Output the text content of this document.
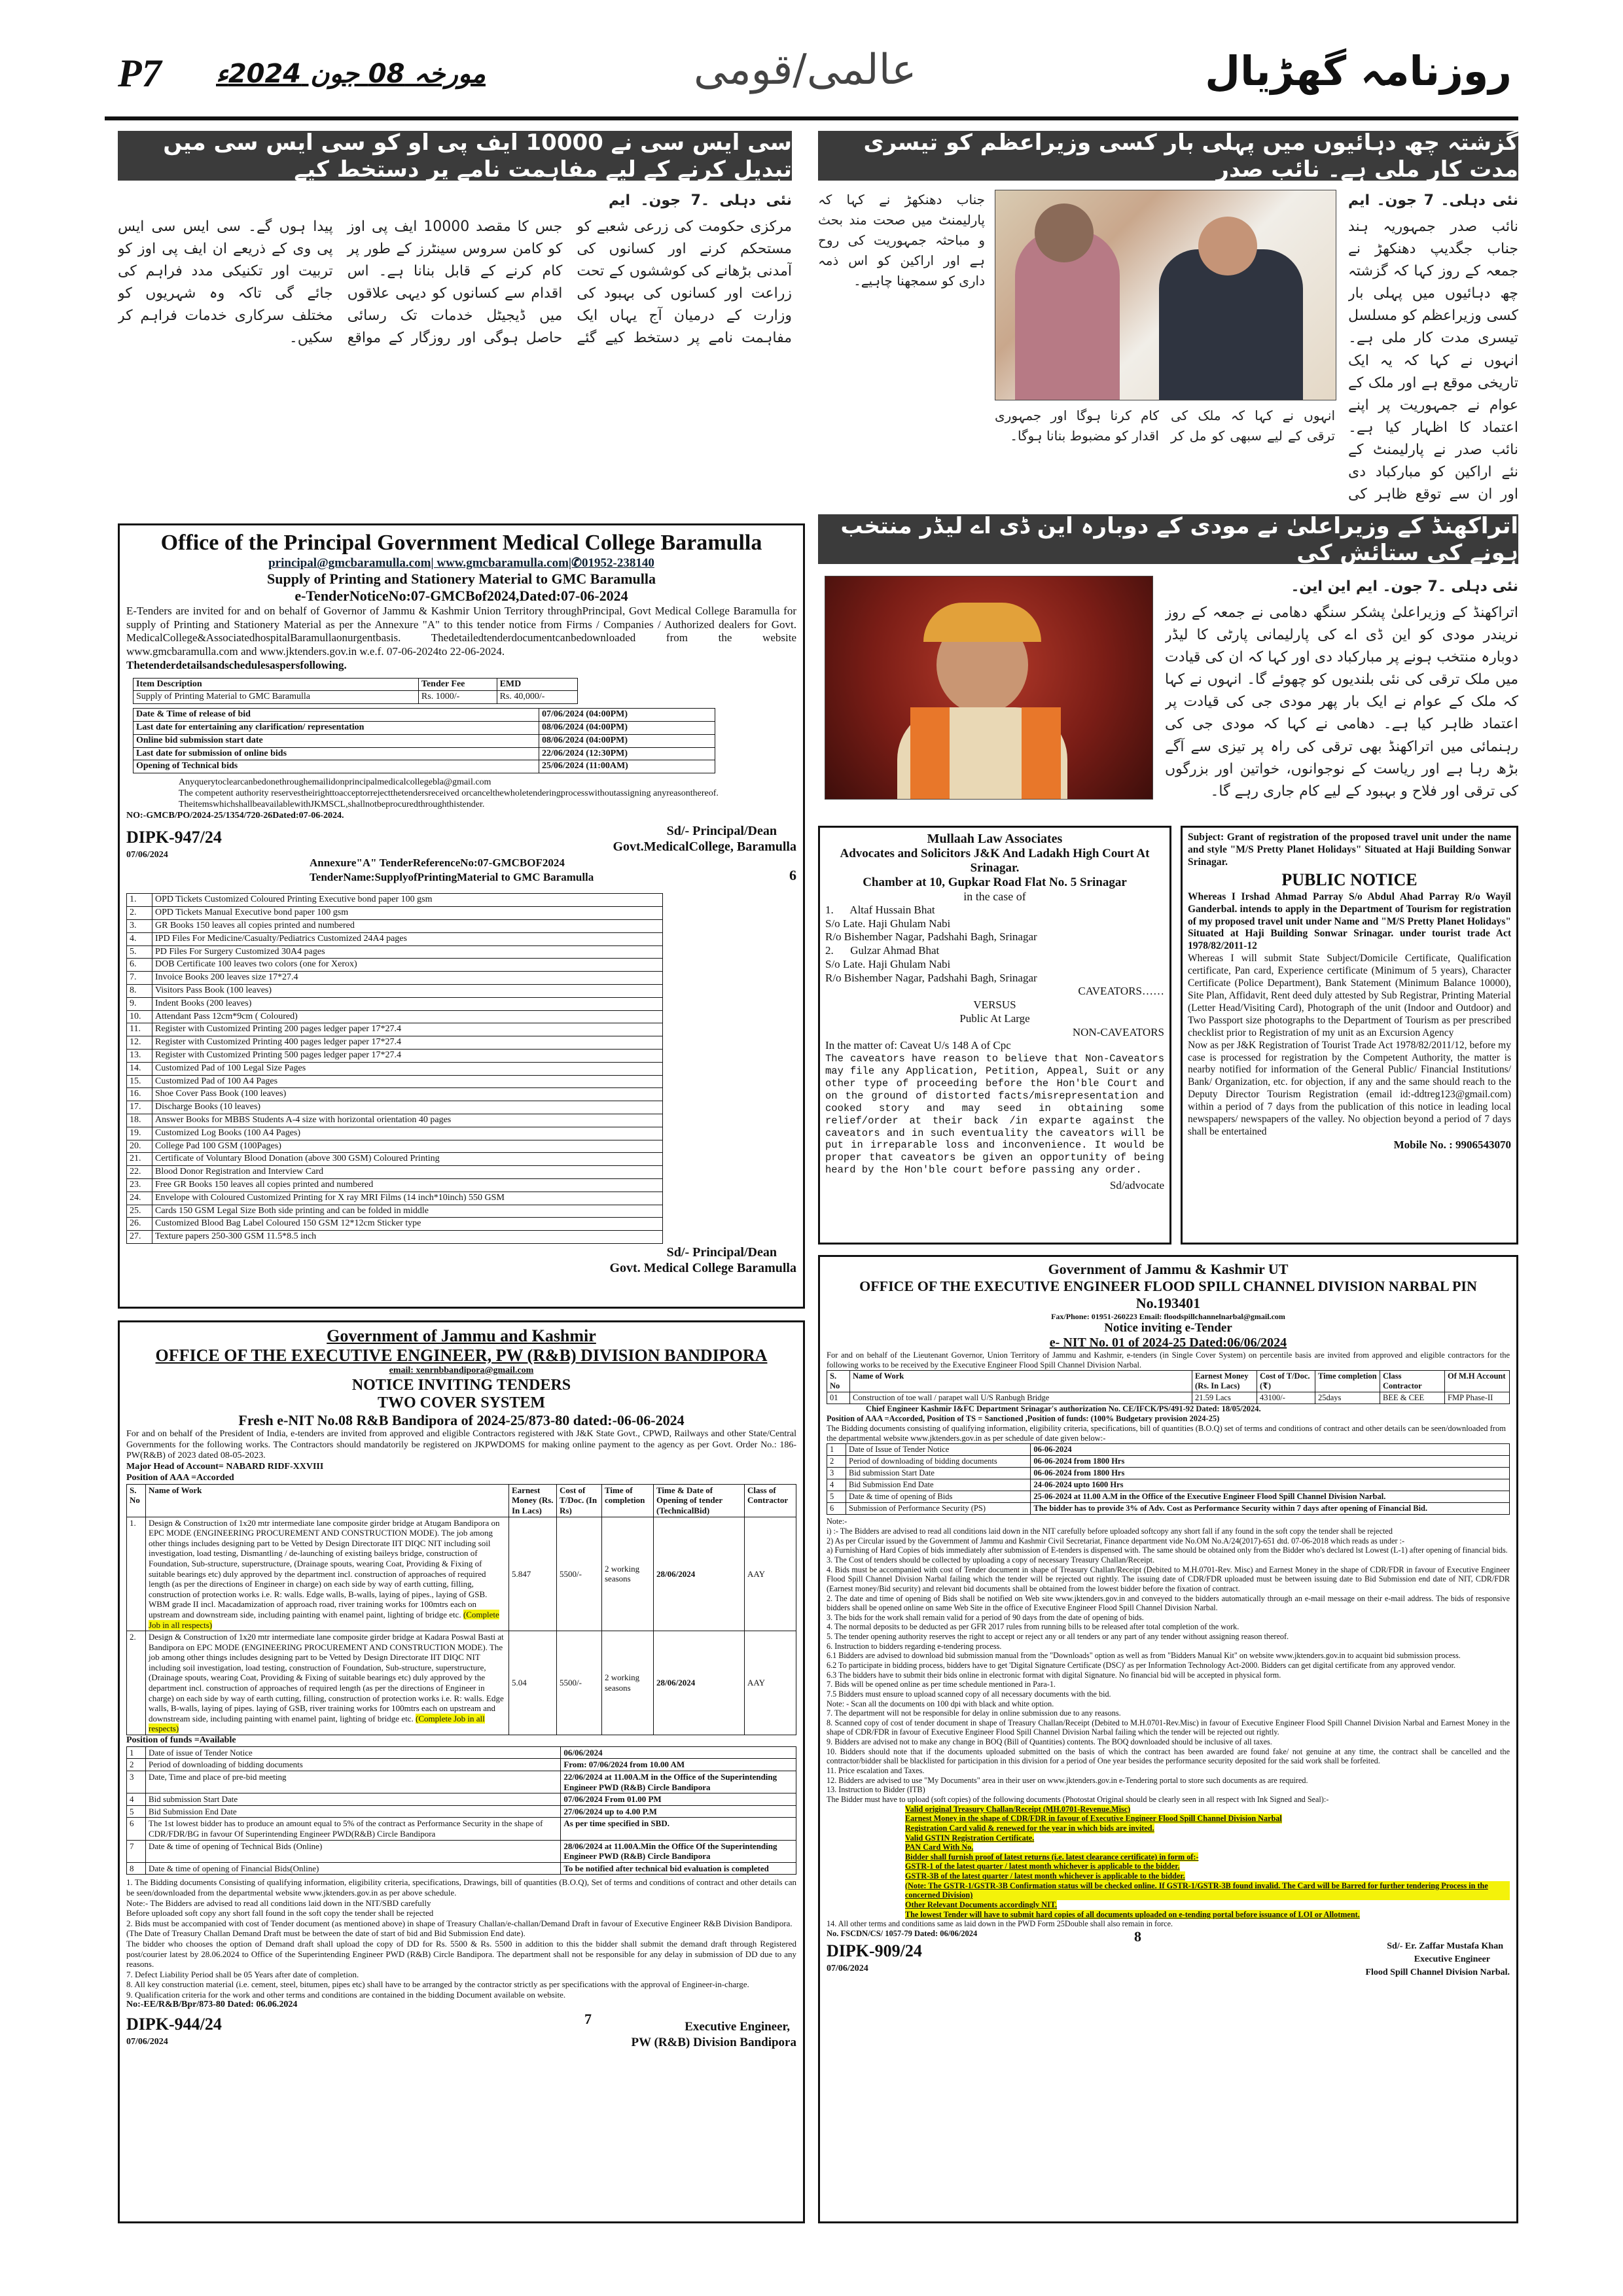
P7 مورخہ 08 جون 2024ء	عالمی/قومی	روزنامہ گھڑیال
سی ایس سی نے 10000 ایف پی او کو سی ایس سی میں تبدیل کرنے کے لیے مفاہمت نامے پر دستخط کیے
نئی دہلی ۔7 جون۔ ایم
مرکزی حکومت کی زرعی شعبے کو مستحکم کرنے اور کسانوں کی آمدنی بڑھانے کی کوششوں کے تحت زراعت اور کسانوں کی بہبود کی وزارت کے درمیان آج یہاں ایک مفاہمت نامے پر دستخط کیے گئے جس کا مقصد 10000 ایف پی اوز کو کامن سروس سینٹرز کے طور پر کام کرنے کے قابل بنانا ہے۔ اس اقدام سے کسانوں کو دیہی علاقوں میں ڈیجیٹل خدمات تک رسائی حاصل ہوگی اور روزگار کے مواقع پیدا ہوں گے۔ سی ایس سی ایس پی وی کے ذریعے ان ایف پی اوز کو تربیت اور تکنیکی مدد فراہم کی جائے گی تاکہ وہ شہریوں کو مختلف سرکاری خدمات فراہم کر سکیں۔
گزشتہ چھ دہائیوں میں پہلی بار کسی وزیراعظم کو تیسری مدت کار ملی ہے۔ نائب صدر
نئی دہلی۔ 7 جون۔ ایم
نائب صدر جمہوریہ ہند جناب جگدیپ دھنکھڑ نے جمعہ کے روز کہا کہ گزشتہ چھ دہائیوں میں پہلی بار کسی وزیراعظم کو مسلسل تیسری مدت کار ملی ہے۔ انہوں نے کہا کہ یہ ایک تاریخی موقع ہے اور ملک کے عوام نے جمہوریت پر اپنے اعتماد کا اظہار کیا ہے۔ نائب صدر نے پارلیمنٹ کے نئے اراکین کو مبارکباد دی اور ان سے توقع ظاہر کی
جناب دھنکھڑ نے کہا کہ پارلیمنٹ میں صحت مند بحث و مباحثہ جمہوریت کی روح ہے اور اراکین کو اس ذمہ داری کو سمجھنا چاہیے۔
انہوں نے کہا کہ ملک کی ترقی کے لیے سبھی کو مل کر کام کرنا ہوگا اور جمہوری اقدار کو مضبوط بنانا ہوگا۔
اتراکھنڈ کے وزیراعلیٰ نے مودی کے دوبارہ این ڈی اے لیڈر منتخب ہونے کی ستائش کی
نئی دہلی ۔7 جون۔ ایم این این۔
اتراکھنڈ کے وزیراعلیٰ پشکر سنگھ دھامی نے جمعہ کے روز نریندر مودی کو این ڈی اے کی پارلیمانی پارٹی کا لیڈر دوبارہ منتخب ہونے پر مبارکباد دی اور کہا کہ ان کی قیادت میں ملک ترقی کی نئی بلندیوں کو چھوئے گا۔ انہوں نے کہا کہ ملک کے عوام نے ایک بار پھر مودی جی کی قیادت پر اعتماد ظاہر کیا ہے۔ دھامی نے کہا کہ مودی جی کی رہنمائی میں اتراکھنڈ بھی ترقی کی راہ پر تیزی سے آگے بڑھ رہا ہے اور ریاست کے نوجوانوں، خواتین اور بزرگوں کی ترقی اور فلاح و بہبود کے لیے کام جاری رہے گا۔
Office of the Principal Government Medical College Baramulla
principal@gmcbaramulla.com| www.gmcbaramulla.com|✆01952-238140
Supply of Printing and Stationery Material to GMC Baramulla
e-TenderNoticeNo:07-GMCBof2024,Dated:07-06-2024
E-Tenders are invited for and on behalf of Governor of Jammu & Kashmir Union Territory throughPrincipal, Govt Medical College Baramulla for supply of Printing and Stationery Material as per the Annexure "A" to this tender notice from Firms / Companies / Authorized dealers for Govt. MedicalCollege&AssociatedhospitalBaramullaonurgentbasis. Thedetailedtenderdocumentcanbedownloaded from the website www.gmcbaramulla.com and www.jktenders.gov.in w.e.f. 07-06-2024to 22-06-2024.
Thetenderdetailsandschedulesaspersfollowing.
Item Description	Tender Fee	EMD
Supply of Printing Material to GMC Baramulla	Rs. 1000/-	Rs. 40,000/-
Date & Time of release of bid	07/06/2024 (04:00PM)
Last date for entertaining any clarification/ representation	08/06/2024 (04:00PM)
Online bid submission start date	08/06/2024 (04:00PM)
Last date for submission of online bids	22/06/2024 (12:30PM)
Opening of Technical bids	25/06/2024 (11:00AM)
Anyquerytoclearcanbedonethroughemailidonprincipalmedicalcollegebla@gmail.com
The competent authority reservestheirighttoacceptorrejectthetendersreceived orcancelthewholetenderingprocesswithoutassigning anyreasonthereof.
TheitemswhichshallbeavailablewithJKMSCL,shallnotbeprocuredthroughthistender.
NO:-GMCB/PO/2024-25/1354/720-26Dated:07-06-2024.
DIPK-947/24
07/06/2024
Sd/- Principal/Dean
Govt.MedicalCollege, Baramulla
Annexure"A" TenderReferenceNo:07-GMCBOF2024
TenderName:SupplyofPrintingMaterial to GMC Baramulla	6
1.	OPD Tickets Customized Coloured Printing Executive bond paper 100 gsm
2.	OPD Tickets Manual Executive bond paper 100 gsm
3.	GR Books 150 leaves all copies printed and numbered
4.	IPD Files For Medicine/Casualty/Pediatrics Customized 24A4 pages
5.	PD Files For Surgery Customized 30A4 pages
6.	DOB Certificate 100 leaves two colors (one for Xerox)
7.	Invoice Books 200 leaves size 17*27.4
8.	Visitors Pass Book (100 leaves)
9.	Indent Books (200 leaves)
10.	Attendant Pass 12cm*9cm ( Coloured)
11.	Register with Customized Printing 200 pages ledger paper 17*27.4
12.	Register with Customized Printing 400 pages ledger paper 17*27.4
13.	Register with Customized Printing 500 pages ledger paper 17*27.4
14.	Customized Pad of 100 Legal Size Pages
15.	Customized Pad of 100 A4 Pages
16.	Shoe Cover Pass Book (100 leaves)
17.	Discharge Books (10 leaves)
18.	Answer Books for MBBS Students A-4 size with horizontal orientation 40 pages
19.	Customized Log Books (100 A4 Pages)
20.	College Pad 100 GSM (100Pages)
21.	Certificate of Voluntary Blood Donation (above 300 GSM) Coloured Printing
22.	Blood Donor Registration and Interview Card
23.	Free GR Books 150 leaves all copies printed and numbered
24.	Envelope with Coloured Customized Printing for X ray MRI Films (14 inch*10inch) 550 GSM
25.	Cards 150 GSM Legal Size Both side printing and can be folded in middle
26.	Customized Blood Bag Label Coloured 150 GSM 12*12cm Sticker type
27.	Texture papers 250-300 GSM 11.5*8.5 inch
Sd/- Principal/Dean
Govt. Medical College Baramulla
Mullaah Law Associates
Advocates and Solicitors J&K And Ladakh High Court At Srinagar.
Chamber at 10, Gupkar Road Flat No. 5 Srinagar
in the case of
1.      Altaf Hussain Bhat
S/o Late. Haji Ghulam Nabi
R/o Bishember Nagar, Padshahi Bagh, Srinagar
2.      Gulzar Ahmad Bhat
S/o Late. Haji Ghulam Nabi
R/o Bishember Nagar, Padshahi Bagh, Srinagar
CAVEATORS……
VERSUS
Public At Large
NON-CAVEATORS
In the matter of: Caveat U/s 148 A of Cpc
The caveators have reason to believe that Non-Caveators may file any Application, Petition, Appeal, Suit or any other type of proceeding before the Hon'ble Court and on the ground of distorted facts/misrepresentation and cooked story and may seed in obtaining some relief/order at their back /in exparte against the caveators and in such eventuality the caveators will be put in irreparable loss and inconvenience. It would be proper that caveators be given an opportunity of being heard by the Hon'ble court before passing any order.
Sd/advocate
Subject: Grant of registration of the proposed travel unit under the name and style "M/S Pretty Planet Holidays" Situated at Haji Building Sonwar Srinagar.
PUBLIC NOTICE
Whereas I Irshad Ahmad Parray S/o Abdul Ahad Parray R/o Wayil Ganderbal. intends to apply in the Department of Tourism for registration of my proposed travel unit under Name and "M/S Pretty Planet Holidays" Situated at Haji Building Sonwar Srinagar. under tourist trade Act 1978/82/2011-12
Whereas I will submit State Subject/Domicile Certificate, Qualification certificate, Pan card, Experience certificate (Minimum of 5 years), Character Certificate (Police Department), Bank Statement (Minimum Balance 10000), Site Plan, Affidavit, Rent deed duly attested by Sub Registrar, Printing Material (Letter Head/Visiting Card), Photograph of the unit (Indoor and Outdoor) and Two Passport size photographs to the Department of Tourism as per prescribed checklist prior to Registration of my unit as an Excursion Agency
Now as per J&K Registration of Tourist Trade Act 1978/82/2011/12, before my case is processed for registration by the Competent Authority, the matter is nearby notified for information of the General Public/ Financial Institutions/ Bank/ Organization, etc. for objection, if any and the same should reach to the Deputy Director Tourism Registration (email id:-ddtreg123@gmail.com) within a period of 7 days from the publication of this notice in leading local newspapers/ newspapers of the valley. No objection beyond a period of 7 days shall be entertained
Mobile No. : 9906543070
Government of Jammu and Kashmir
OFFICE OF THE EXECUTIVE ENGINEER, PW (R&B) DIVISION BANDIPORA
email: xenrnbbandipora@gmail.com
NOTICE INVITING TENDERS
TWO COVER SYSTEM
Fresh e-NIT No.08 R&B Bandipora of 2024-25/873-80 dated:-06-06-2024
For and on behalf of the President of India, e-tenders are invited from approved and eligible Contractors registered with J&K State Govt., CPWD, Railways and other State/Central Governments for the following works. The Contractors should mandatorily be registered on JKPWDOMS for making online payment to the agency as per Govt. Order No.: 186-PW(R&B) of 2023 dated 08-05-2023.
Major Head of Account= NABARD RIDF-XXVIII
Position of AAA =Accorded
S. No	Name of Work	Earnest Money (Rs. In Lacs)	Cost of T/Doc. (In Rs)	Time of completion	Time & Date of Opening of tender (TechnicalBid)	Class of Contractor
1.	Design & Construction of 1x20 mtr intermediate lane composite girder bridge at Atugam Bandipora on EPC MODE (ENGINEERING PROCUREMENT AND CONSTRUCTION MODE). The job among other things includes designing part to be Vetted by Design Directorate IIT DIQC NIT including soil investigation, load testing, Dismantling / de-launching of existing baileys bridge, construction of Foundation, Sub-structure, superstructure, (Drainage spouts, wearing Coat, Providing & Fixing of suitable bearings etc) duly approved by the department incl. construction of approaches of required length (as per the directions of Engineer in charge) on each side by way of earth cutting, filling, construction of protection works i.e. R: walls. Edge walls, B-walls, laying of pipes., laying of GSB. WBM grade II incl. Macadamization of approach road, river training works for 100mtrs each on upstream and downstream side, including painting with enamel paint, lighting of bridge etc. (Complete Job in all respects)	5.847	5500/-	2 working seasons	28/06/2024	AAY
2.	Design & Construction of 1x20 mtr intermediate lane composite girder bridge at Kadara Poswal Basti at Bandipora on EPC MODE (ENGINEERING PROCUREMENT AND CONSTRUCTION MODE). The job among other things includes designing part to be Vetted by Design Directorate IIT DIQC NIT including soil investigation, load testing, construction of Foundation, Sub-structure, superstructure, (Drainage spouts, wearing Coat, Providing & Fixing of suitable bearings etc) duly approved by the department incl. construction of approaches of required length (as per the directions of Engineer in charge) on each side by way of earth cutting, filling, construction of protection works i.e. R: walls. Edge walls, B-walls, laying of pipes. laying of GSB, river training works for 100mtrs each on upstream and downstream side, including painting with enamel paint, lighting of bridge etc. (Complete Job in all respects)	5.04	5500/-	2 working seasons	28/06/2024	AAY
Position of funds =Available
1	Date of issue of Tender Notice	06/06/2024
2	Period of downloading of bidding documents	From: 07/06/2024 from 10.00 AM
3	Date, Time and place of pre-bid meeting	22/06/2024 at 11.00A.M in the Office of the Superintending Engineer PWD (R&B) Circle Bandipora
4	Bid submission Start Date	07/06/2024 From 01.00 PM
5	Bid Submission End Date	27/06/2024 up to 4.00 P.M
6	The 1st lowest bidder has to produce an amount equal to 5% of the contract as Performance Security in the shape of CDR/FDR/BG in favour Of Superintending Engineer PWD(R&B) Circle Bandipora	As per time specified in SBD.
7	Date & time of opening of Technical Bids (Online)	28/06/2024 at 11.00A.Min the Office Of the Superintending Engineer PWD (R&B) Circle Bandipora
8	Date & time of opening of Financial Bids(Online)	To be notified after technical bid evaluation is completed
1. The Bidding documents Consisting of qualifying information, eligibility criteria, specifications, Drawings, bill of quantities (B.O.Q), Set of terms and conditions of contract and other details can be seen/downloaded from the departmental website www.jktenders.gov.in as per above schedule.
Note:- The Bidders are advised to read all conditions laid down in the NIT/SBD carefully
Before uploaded soft copy any short fall found in the soft copy the tender shall be rejected
2. Bids must be accompanied with cost of Tender document (as mentioned above) in shape of Treasury Challan/e-challan/Demand Draft in favour of Executive Engineer R&B Division Bandipora.
(The Date of Treasury Challan Demand Draft must be between the date of start of bid and Bid Submission End date).
The bidder who chooses the option of Demand draft shall upload the copy of DD for Rs. 5500 & Rs. 5500 in addition to this the bidder shall submit the demand draft through Registered post/courier latest by 28.06.2024 to Office of the Superintending Engineer PWD (R&B) Circle Bandipora. The department shall not be responsible for any delay in submission of DD due to any reasons.
7. Defect Liability Period shall be 05 Years after date of completion.
8. All key construction material (i.e. cement, steel, bitumen, pipes etc) shall have to be arranged by the contractor strictly as per specifications with the approval of Engineer-in-charge.
9. Qualification criteria for the work and other terms and conditions are contained in the bidding Document available on website.
No:-EE/R&B/Bpr/873-80 Dated: 06.06.2024
DIPK-944/24
07/06/2024
7	Executive Engineer,
PW (R&B) Division Bandipora
Government of Jammu & Kashmir UT
OFFICE OF THE EXECUTIVE ENGINEER FLOOD SPILL CHANNEL DIVISION NARBAL PIN No.193401
Fax/Phone: 01951-260223 Email: floodspillchannelnarbal@gmail.com
Notice inviting e-Tender
e- NIT No. 01 of 2024-25 Dated:06/06/2024
For and on behalf of the Lieutenant Governor, Union Territory of Jammu and Kashmir, e-tenders (in Single Cover System) on percentile basis are invited from approved and eligible contractors for the following works to be received by the Executive Engineer Flood Spill Channel Division Narbal.
S. No	Name of Work	Earnest Money (Rs. In Lacs)	Cost of T/Doc. (₹)	Time completion	Class Contractor	Of M.H Account
01	Construction of toe wall / parapet wall U/S Ranbugh Bridge	21.59 Lacs	43100/-	25days	BEE & CEE	FMP Phase-II
Chief Engineer Kashmir I&FC Department Srinagar's authorization No. CE/IFCK/PS/491-92 Dated: 18/05/2024.
Position of AAA =Accorded, Position of TS = Sanctioned ,Position of funds: (100% Budgetary provision 2024-25)
The Bidding documents consisting of qualifying information, eligibility criteria, specifications, bill of quantities (B.O.Q) set of terms and conditions of contract and other details can be seen/downloaded from the departmental website www.jktenders.gov.in as per schedule of date given below:-
1	Date of Issue of Tender Notice	06-06-2024
2	Period of downloading of bidding documents	06-06-2024 from 1800 Hrs
3	Bid submission Start Date	06-06-2024 from 1800 Hrs
4	Bid Submission End Date	24-06-2024 upto 1600 Hrs
5	Date & time of opening of Bids	25-06-2024 at 11.00 A.M in the Office of the Executive Engineer Flood Spill Channel Division Narbal.
6	Submission of Performance Security (PS)	The bidder has to provide 3% of Adv. Cost as Performance Security within 7 days after opening of Financial Bid.
Note:-
i) :- The Bidders are advised to read all conditions laid down in the NIT carefully before uploaded softcopy any short fall if any found in the soft copy the tender shall be rejected
2) As per Circular issued by the Government of Jammu and Kashmir Civil Secretariat, Finance department vide No.OM No.A/24(2017)-651 dtd. 07-06-2018 which reads as under :-
a) Furnishing of Hard Copies of bids immediately after submission of E-tenders is dispensed with. The same should be obtained only from the Bidder who's declared lst Lowest (L-1) after opening of financial bids.
3. The Cost of tenders should be collected by uploading a copy of necessary Treasury Challan/Receipt.
4. Bids must be accompanied with cost of Tender document in shape of Treasury Challan/Receipt (Debited to M.H.0701-Rev. Misc) and Earnest Money in the shape of CDR/FDR in favour of Executive Engineer Flood Spill Channel Division Narbal failing which the tender will be rejected out rightly. The issuing date of CDR/FDR uploaded must be between issuing date to Bid Submission end date of NIT, CDR/FDR (Earnest money/Bid security) and relevant bid documents shall be obtained from the lowest bidder before the fixation of contract.
2. The date and time of opening of Bids shall be notified on Web site www.jktenders.gov.in and conveyed to the bidders automatically through an e-mail message on their e-mail address. The bids of responsive bidders shall be opened online on same Web Site in the office of Executive Engineer Flood Spill Channel Division Narbal.
3. The bids for the work shall remain valid for a period of 90 days from the date of opening of bids.
4. The normal deposits to be deducted as per GFR 2017 rules from running bills to be released after total completion of the work.
5. The tender opening authority reserves the right to accept or reject any or all tenders or any part of any tender without assigning reason thereof.
6. Instruction to bidders regarding e-tendering process.
6.1 Bidders are advised to download bid submission manual from the "Downloads" option as well as from "Bidders Manual Kit" on website www.jktenders.gov.in to acquaint bid submission process.
6.2 To participate in bidding process, bidders have to get 'Digital Signature Certificate (DSC)' as per Information Technology Act-2000. Bidders can get digital certificate from any approved vendor.
6.3 The bidders have to submit their bids online in electronic format with digital Signature. No financial bid will be accepted in physical form.
7. Bids will be opened online as per time schedule mentioned in Para-1.
7.5 Bidders must ensure to upload scanned copy of all necessary documents with the bid.
Note: - Scan all the documents on 100 dpi with black and white option.
7. The department will not be responsible for delay in online submission due to any reasons.
8. Scanned copy of cost of tender document in shape of Treasury Challan/Receipt (Debited to M.H.0701-Rev.Misc) in favour of Executive Engineer Flood Spill Channel Division Narbal and Earnest Money in the shape of CDR/FDR in favour of Executive Engineer Flood Spill Channel Division Narbal failing which the tender will be rejected out rightly.
9. Bidders are advised not to make any change in BOQ (Bill of Quantities) contents. The BOQ downloaded should be inclusive of all taxes.
10. Bidders should note that if the documents uploaded submitted on the basis of which the contract has been awarded are found fake/ not genuine at any time, the contract shall be cancelled and the contractor/bidder shall be blacklisted for participation in this division for a period of One year besides the performance security deposited for the said work shall be forfeited.
11. Price escalation and Taxes.
12. Bidders are advised to use "My Documents" area in their user on www.jktenders.gov.in e-Tendering portal to store such documents as are required.
13. Instruction to Bidder (ITB)
The Bidder must have to upload (soft copies) of the following documents (Photostat Original should be clearly seen in all respect with Ink Signed and Seal):-
Valid original Treasury Challan/Receipt (MH.0701-Revenue.Misc)
Earnest Money in the shape of CDR/FDR in favour of Executive Engineer Flood Spill Channel Division Narbal
Registration Card valid & renewed for the year in which bids are invited.
Valid GSTIN Registration Certificate.
PAN Card With No.
Bidder shall furnish proof of latest returns (i.e. latest clearance certificate) in form of:-
GSTR-1 of the latest quarter / latest month whichever is applicable to the bidder.
GSTR-3B of the latest quarter / latest month whichever is applicable to the bidder.
(Note: The GSTR-1/GSTR-3B Confirmation status will be checked online. If GSTR-1/GSTR-3B found invalid. The Card will be Barred for further tendering Process in the concerned Division)
Other Relevant Documents accordingly NIT.
The lowest Tender will have to submit hard copies of all documents uploaded on e-tending portal before issuance of LOI or Allotment.
14. All other terms and conditions same as laid down in the PWD Form 25Double shall also remain in force.
No. FSCDN/CS/ 1057-79 Dated: 06/06/2024
DIPK-909/24
07/06/2024
8
Sd/- Er. Zaffar Mustafa Khan
Executive Engineer
Flood Spill Channel Division Narbal.
